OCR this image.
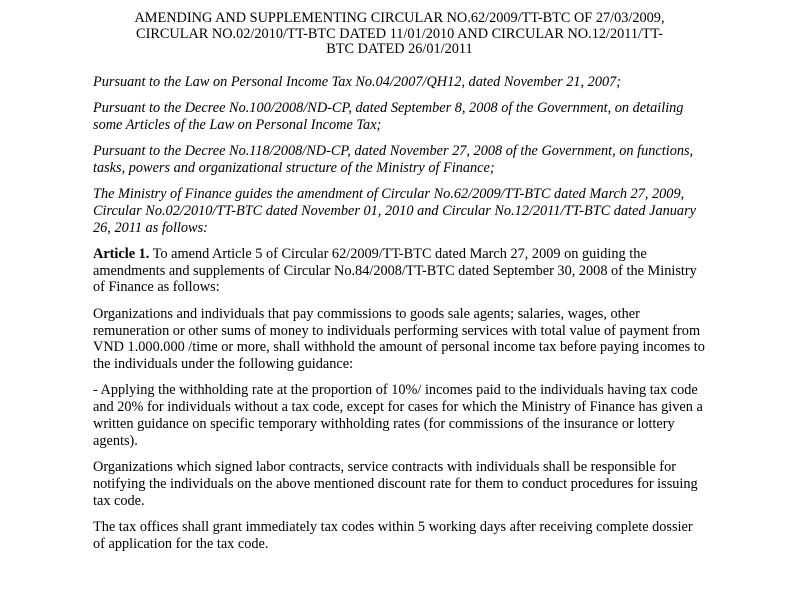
AMENDING AND SUPPLEMENTING CIRCULAR NO.62/2009/TT-BTC OF 27/03/2009,
CIRCULAR NO.02/2010/TT-BTC DATED 11/01/2010 AND CIRCULAR NO.12/2011/TT-
BTC DATED 26/01/2011

Pursuant to the Law on Personal Income Tax No.04/2007/QH12, dated November 21, 2007;

Pursuant to the Decree No.100/2008/ND-CP, dated September 8, 2008 of the Government, on detailing some Articles of the Law on Personal Income Tax;

Pursuant to the Decree No.118/2008/ND-CP, dated November 27, 2008 of the Government, on functions, tasks, powers and organizational structure of the Ministry of Finance;

The Ministry of Finance guides the amendment of Circular No.62/2009/TT-BTC dated March 27, 2009, Circular No.02/2010/TT-BTC dated November 01, 2010 and Circular No.12/2011/TT-BTC dated January 26, 2011 as follows:

Article 1. To amend Article 5 of Circular 62/2009/TT-BTC dated March 27, 2009 on guiding the amendments and supplements of Circular No.84/2008/TT-BTC dated September 30, 2008 of the Ministry of Finance as follows:

Organizations and individuals that pay commissions to goods sale agents; salaries, wages, other remuneration or other sums of money to individuals performing services with total value of payment from VND 1.000.000 /time or more, shall withhold the amount of personal income tax before paying incomes to the individuals under the following guidance:

- Applying the withholding rate at the proportion of 10%/ incomes paid to the individuals having tax code and 20% for individuals without a tax code, except for cases for which the Ministry of Finance has given a written guidance on specific temporary withholding rates (for commissions of the insurance or lottery agents).

Organizations which signed labor contracts, service contracts with individuals shall be responsible for notifying the individuals on the above mentioned discount rate for them to conduct procedures for issuing tax code.

The tax offices shall grant immediately tax codes within 5 working days after receiving complete dossier of application for the tax code.
